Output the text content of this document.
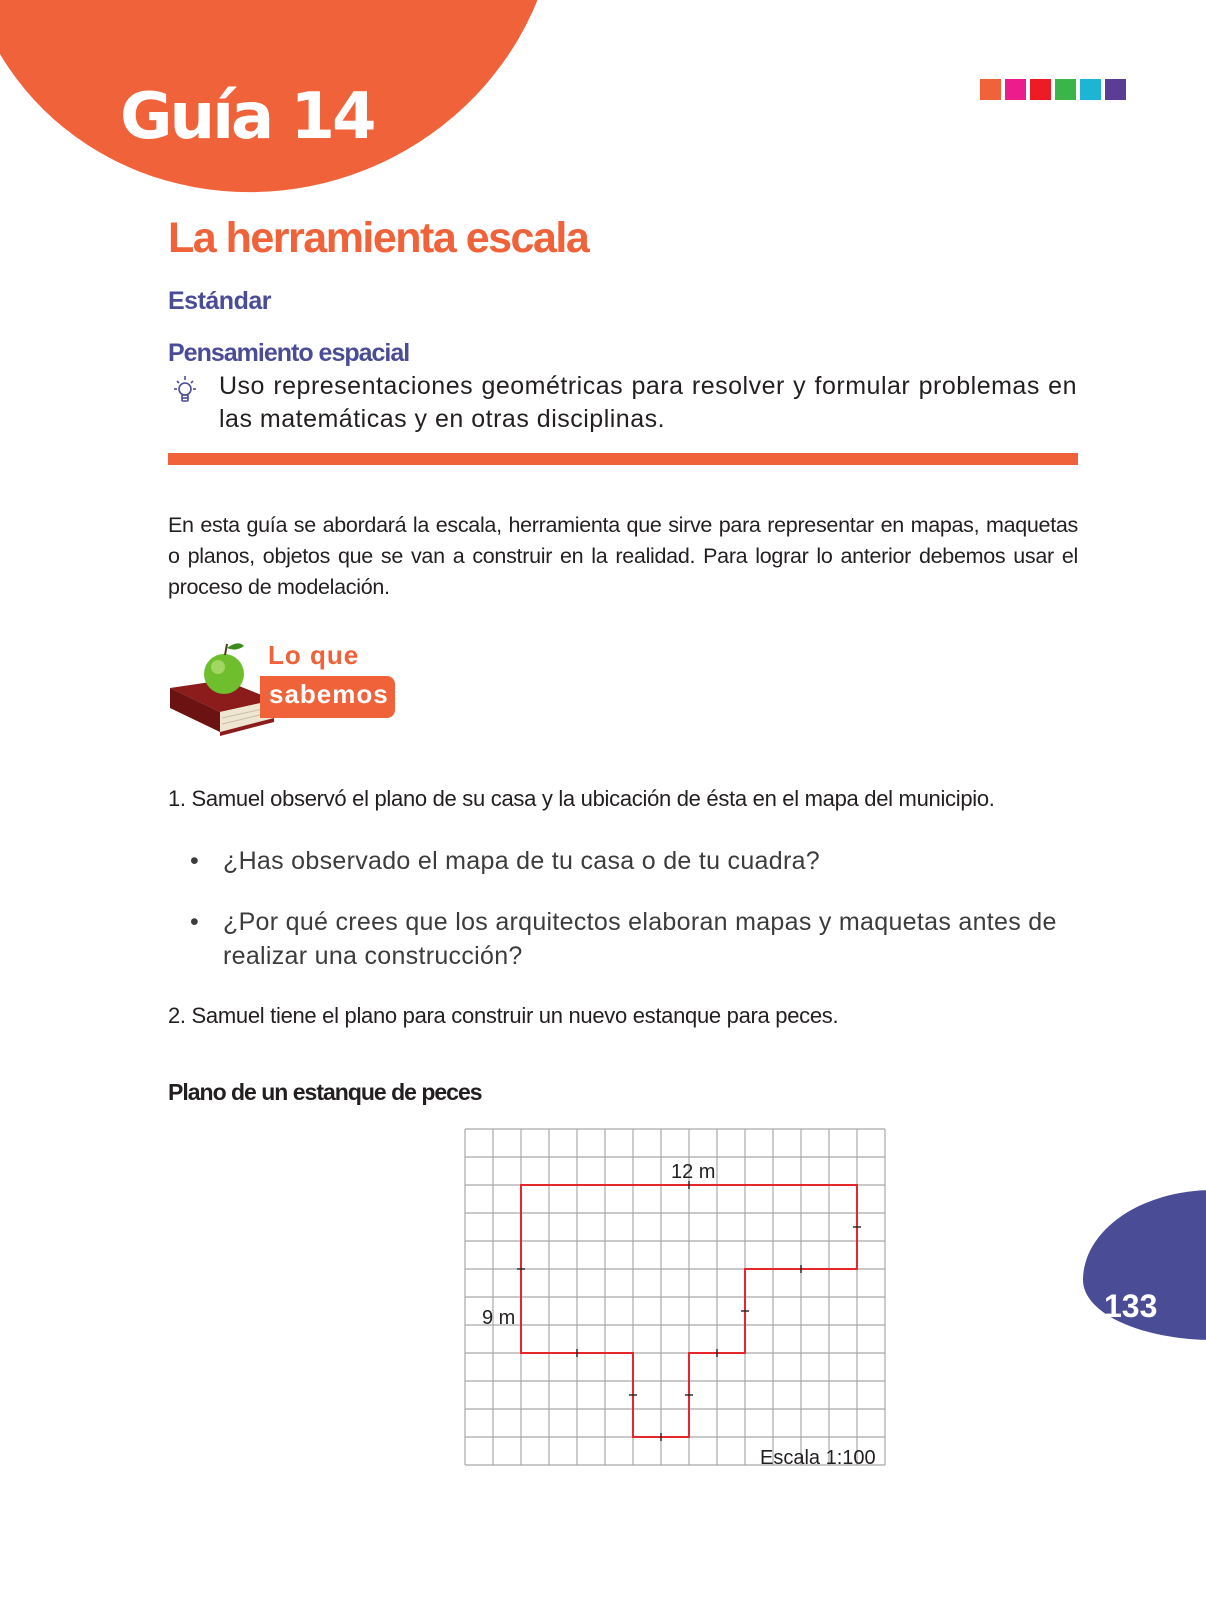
Guía 14
La herramienta escala
Estándar
Pensamiento espacial

Uso representaciones geométricas para resolver y formular problemas en las matemáticas y en otras disciplinas.

En esta guía se abordará la escala, herramienta que sirve para representar en mapas, maquetas o planos, objetos que se van a construir en la realidad. Para lograr lo anterior debemos usar el proceso de modelación.

Lo que
sabemos

1. Samuel observó el plano de su casa y la ubicación de ésta en el mapa del municipio.

• ¿Has observado el mapa de tu casa o de tu cuadra?

• ¿Por qué crees que los arquitectos elaboran mapas y maquetas antes de realizar una construcción?

2. Samuel tiene el plano para construir un nuevo estanque para peces.

Plano de un estanque de peces
12 m
9 m
Escala 1:100
133
